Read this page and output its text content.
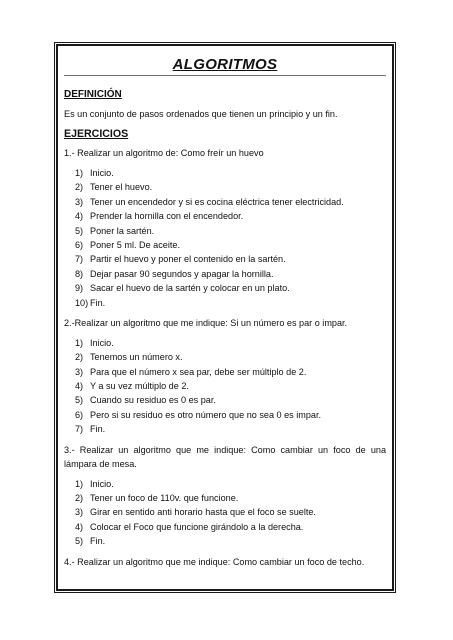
ALGORITMOS
DEFINICIÓN

Es un conjunto de pasos ordenados que tienen un principio y un fin.

EJERCICIOS

1.- Realizar un algoritmo de: Como freír un huevo

1) Inicio.
2) Tener el huevo.
3) Tener un encendedor y si es cocina eléctrica tener electricidad.
4) Prender la hornilla con el encendedor.
5) Poner la sartén.
6) Poner 5 ml. De aceite.
7) Partir el huevo y poner el contenido en la sartén.
8) Dejar pasar 90 segundos y apagar la hornilla.
9) Sacar el huevo de la sartén y colocar en un plato.
10) Fin.

2.-Realizar un algoritmo que me indique: Si un número es par o impar.

1) Inicio.
2) Tenemos un número x.
3) Para que el número x sea par, debe ser múltiplo de 2.
4) Y a su vez múltiplo de 2.
5) Cuando su residuo es 0 es par.
6) Pero si su residuo es otro número que no sea 0 es impar.
7) Fin.

3.- Realizar un algoritmo que me indique: Como cambiar un foco de una lámpara de mesa.

1) Inicio.
2) Tener un foco de 110v. que funcione.
3) Girar en sentido anti horario hasta que el foco se suelte.
4) Colocar el Foco que funcione girándolo a la derecha.
5) Fin.

4.- Realizar un algoritmo que me indique: Como cambiar un foco de techo.
